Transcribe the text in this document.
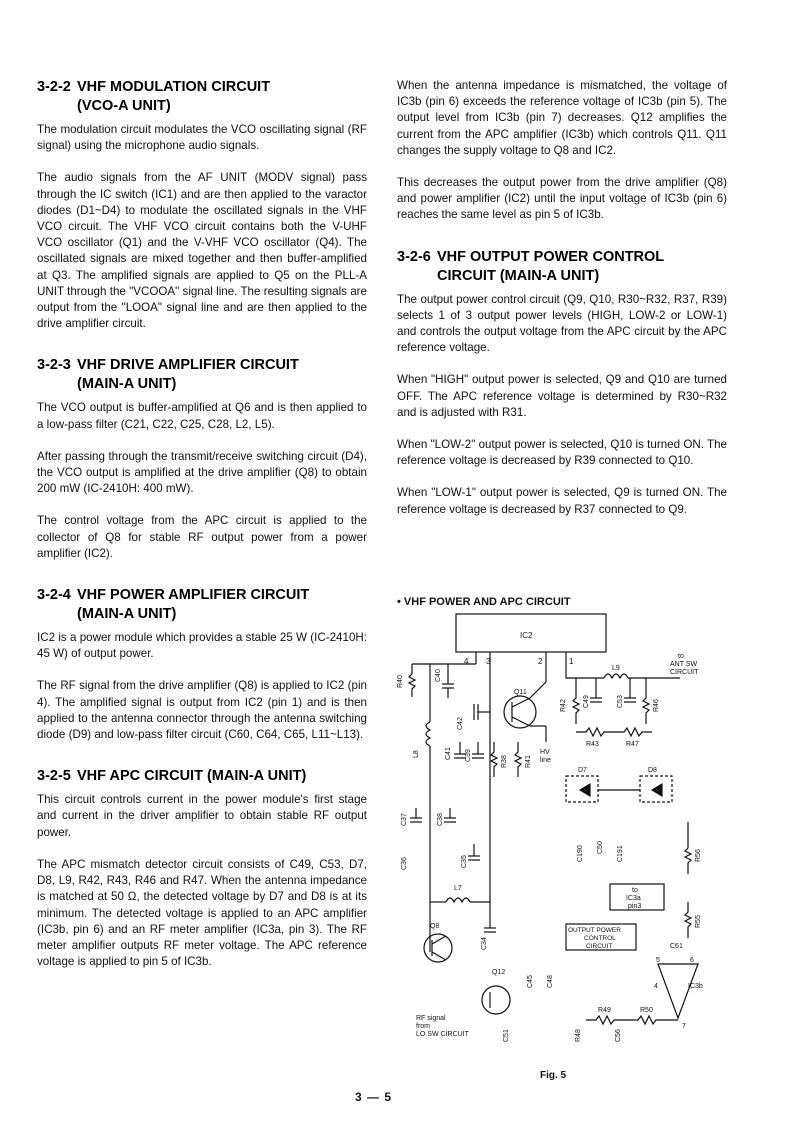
3-2-2 VHF MODULATION CIRCUIT
(VCO-A UNIT)

The modulation circuit modulates the VCO oscillating signal (RF signal) using the microphone audio signals.

The audio signals from the AF UNIT (MODV signal) pass through the IC switch (IC1) and are then applied to the varactor diodes (D1~D4) to modulate the oscillated signals in the VHF VCO circuit. The VHF VCO circuit contains both the V-UHF VCO oscillator (Q1) and the V-VHF VCO oscillator (Q4). The oscillated signals are mixed together and then buffer-amplified at Q3. The amplified signals are applied to Q5 on the PLL-A UNIT through the "VCOOA" signal line. The resulting signals are output from the "LOOA" signal line and are then applied to the drive amplifier circuit.

3-2-3 VHF DRIVE AMPLIFIER CIRCUIT
(MAIN-A UNIT)

The VCO output is buffer-amplified at Q6 and is then applied to a low-pass filter (C21, C22, C25, C28, L2, L5).

After passing through the transmit/receive switching circuit (D4), the VCO output is amplified at the drive amplifier (Q8) to obtain 200 mW (IC-2410H: 400 mW).

The control voltage from the APC circuit is applied to the collector of Q8 for stable RF output power from a power amplifier (IC2).

3-2-4 VHF POWER AMPLIFIER CIRCUIT
(MAIN-A UNIT)

IC2 is a power module which provides a stable 25 W (IC-2410H: 45 W) of output power.

The RF signal from the drive amplifier (Q8) is applied to IC2 (pin 4). The amplified signal is output from IC2 (pin 1) and is then applied to the antenna connector through the antenna switching diode (D9) and low-pass filter circuit (C60, C64, C65, L11~L13).

3-2-5 VHF APC CIRCUIT (MAIN-A UNIT)

This circuit controls current in the power module's first stage and current in the driver amplifier to obtain stable RF output power.

The APC mismatch detector circuit consists of C49, C53, D7, D8, L9, R42, R43, R46 and R47. When the antenna impedance is matched at 50 Ω, the detected voltage by D7 and D8 is at its minimum. The detected voltage is applied to an APC amplifier (IC3b, pin 6) and an RF meter amplifier (IC3a, pin 3). The RF meter amplifier outputs RF meter voltage. The APC reference voltage is applied to pin 5 of IC3b.

When the antenna impedance is mismatched, the voltage of IC3b (pin 6) exceeds the reference voltage of IC3b (pin 5). The output level from IC3b (pin 7) decreases. Q12 amplifies the current from the APC amplifier (IC3b) which controls Q11. Q11 changes the supply voltage to Q8 and IC2.

This decreases the output power from the drive amplifier (Q8) and power amplifier (IC2) until the input voltage of IC3b (pin 6) reaches the same level as pin 5 of IC3b.

3-2-6 VHF OUTPUT POWER CONTROL
CIRCUIT (MAIN-A UNIT)

The output power control circuit (Q9, Q10, R30~R32, R37, R39) selects 1 of 3 output power levels (HIGH, LOW-2 or LOW-1) and controls the output voltage from the APC circuit by the APC reference voltage.

When "HIGH" output power is selected, Q9 and Q10 are turned OFF. The APC reference voltage is determined by R30~R32 and is adjusted with R31.

When "LOW-2" output power is selected, Q10 is turned ON. The reference voltage is decreased by R39 connected to Q10.

When "LOW-1" output power is selected, Q9 is turned ON. The reference voltage is decreased by R37 connected to Q9.

• VHF POWER AND APC CIRCUIT
IC2
4 3	2	1
R40	C40
Q11
HV
line
C42
L9
to
ANT SW
CIRCUIT
R42 C49	C53	R46
R43	R47
D7	D8
C41 C39	R38 R41
L8
C37	C38
C190 C50 C191	R56
C36	C35
to
IC3a
pin3
L7
Q8
C34
OUTPUT POWER
CONTROL
CIRCUIT
R55
C61
5	6
4	IC3b
7
Q12
C45 C48
RF signal
from
LO SW CIRCUIT
R49	R50
C51	R48	C56
Fig. 5
3 — 5
